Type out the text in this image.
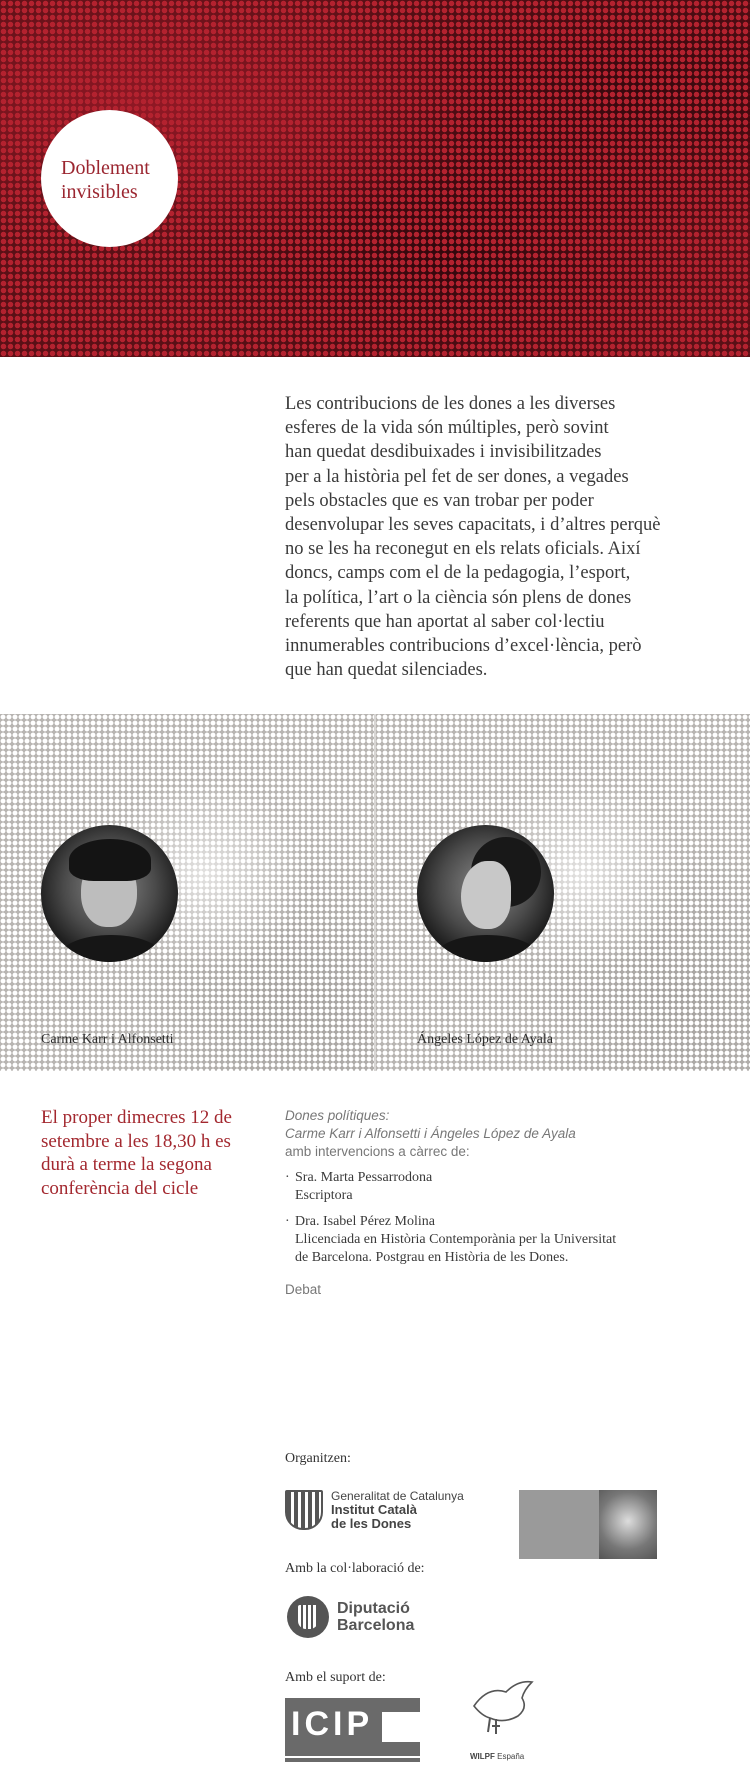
Doblement
invisibles
Les contribucions de les dones a les diverses
esferes de la vida són múltiples, però sovint
han quedat desdibuixades i invisibilitzades
per a la història pel fet de ser dones, a vegades
pels obstacles que es van trobar per poder
desenvolupar les seves capacitats, i d’altres perquè
no se les ha reconegut en els relats oficials. Així
doncs, camps com el de la pedagogia, l’esport,
la política, l’art o la ciència són plens de dones
referents que han aportat al saber col·lectiu
innumerables contribucions d’excel·lència, però
que han quedat silenciades.
Carme Karr i Alfonsetti	Ángeles López de Ayala
El proper dimecres 12 de
setembre a les 18,30 h es
durà a terme la segona
conferència del cicle
Dones polítiques:
Carme Karr i Alfonsetti i Ángeles López de Ayala
amb intervencions a càrrec de:
· Sra. Marta Pessarrodona
Escriptora
· Dra. Isabel Pérez Molina
Llicenciada en Història Contemporània per la Universitat
de Barcelona. Postgrau en Història de les Dones.
Debat
Organitzen:
Generalitat de Catalunya
Institut Català
de les Dones
Amb la col·laboració de:
Diputació
Barcelona
Amb el suport de:
ICIP
WILPF España
